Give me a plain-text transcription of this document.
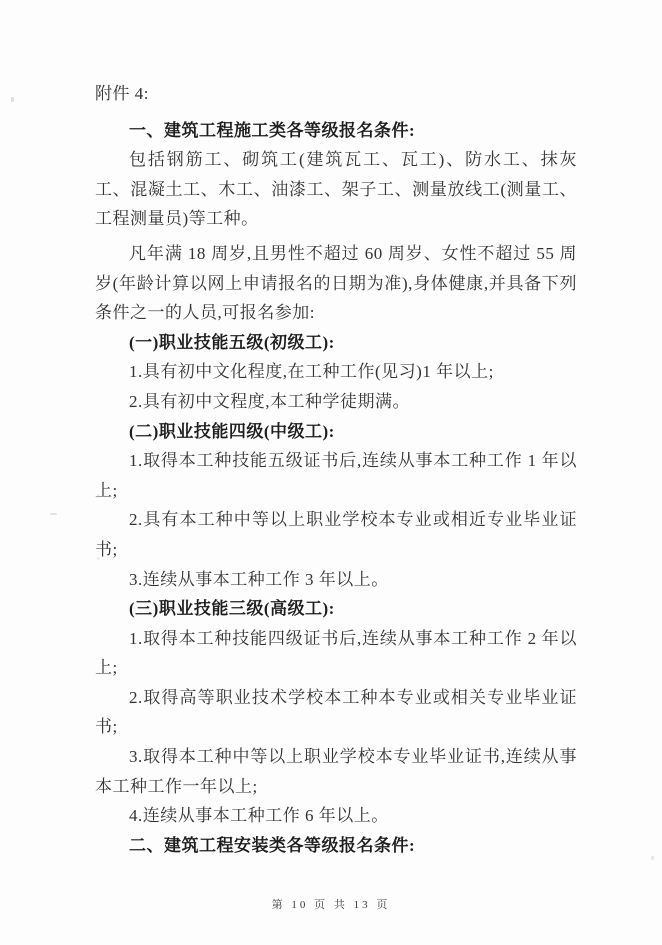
附件 4:

一、建筑工程施工类各等级报名条件:

包括钢筋工、砌筑工(建筑瓦工、瓦工)、防水工、抹灰工、混凝土工、木工、油漆工、架子工、测量放线工(测量工、工程测量员)等工种。

凡年满 18 周岁,且男性不超过 60 周岁、女性不超过 55 周岁(年龄计算以网上申请报名的日期为准),身体健康,并具备下列条件之一的人员,可报名参加:

(一)职业技能五级(初级工):

1.具有初中文化程度,在工种工作(见习)1 年以上;

2.具有初中文程度,本工种学徒期满。

(二)职业技能四级(中级工):

1.取得本工种技能五级证书后,连续从事本工种工作 1 年以上;

2.具有本工种中等以上职业学校本专业或相近专业毕业证书;

3.连续从事本工种工作 3 年以上。

(三)职业技能三级(高级工):

1.取得本工种技能四级证书后,连续从事本工种工作 2 年以上;

2.取得高等职业技术学校本工种本专业或相关专业毕业证书;

3.取得本工种中等以上职业学校本专业毕业证书,连续从事本工种工作一年以上;

4.连续从事本工种工作 6 年以上。

二、建筑工程安装类各等级报名条件:

第 10 页 共 13 页
